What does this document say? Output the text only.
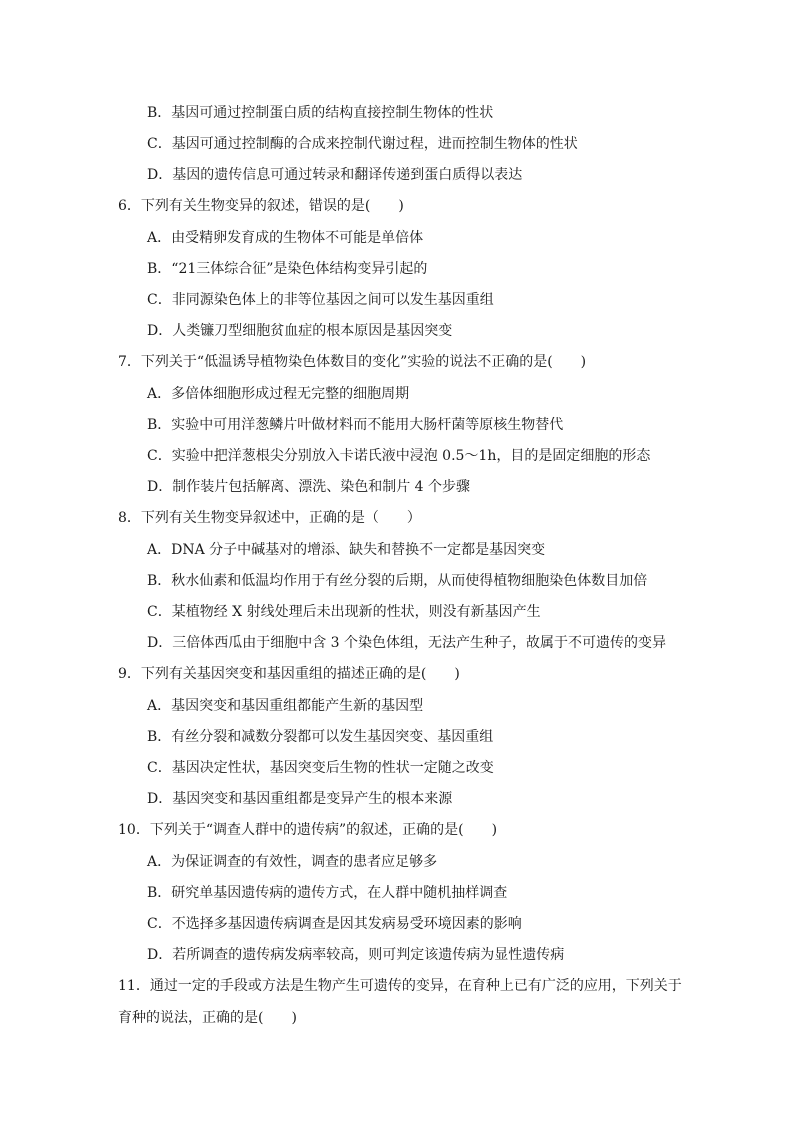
B．基因可通过控制蛋白质的结构直接控制生物体的性状
C．基因可通过控制酶的合成来控制代谢过程，进而控制生物体的性状
D．基因的遗传信息可通过转录和翻译传递到蛋白质得以表达
6．下列有关生物变异的叙述，错误的是(　　)
A．由受精卵发育成的生物体不可能是单倍体
B．“21三体综合征”是染色体结构变异引起的
C．非同源染色体上的非等位基因之间可以发生基因重组
D．人类镰刀型细胞贫血症的根本原因是基因突变
7．下列关于“低温诱导植物染色体数目的变化”实验的说法不正确的是(　　)
A．多倍体细胞形成过程无完整的细胞周期
B．实验中可用洋葱鳞片叶做材料而不能用大肠杆菌等原核生物替代
C．实验中把洋葱根尖分别放入卡诺氏液中浸泡 0.5～1h，目的是固定细胞的形态
D．制作装片包括解离、漂洗、染色和制片 4 个步骤
8．下列有关生物变异叙述中，正确的是（　　）
A．DNA 分子中碱基对的增添、缺失和替换不一定都是基因突变
B．秋水仙素和低温均作用于有丝分裂的后期，从而使得植物细胞染色体数目加倍
C．某植物经 X 射线处理后未出现新的性状，则没有新基因产生
D．三倍体西瓜由于细胞中含 3 个染色体组，无法产生种子，故属于不可遗传的变异
9．下列有关基因突变和基因重组的描述正确的是(　　)
A．基因突变和基因重组都能产生新的基因型
B．有丝分裂和减数分裂都可以发生基因突变、基因重组
C．基因决定性状，基因突变后生物的性状一定随之改变
D．基因突变和基因重组都是变异产生的根本来源
10．下列关于“调查人群中的遗传病”的叙述，正确的是(　　)
A．为保证调查的有效性，调查的患者应足够多
B．研究单基因遗传病的遗传方式，在人群中随机抽样调查
C．不选择多基因遗传病调查是因其发病易受环境因素的影响
D．若所调查的遗传病发病率较高，则可判定该遗传病为显性遗传病
11．通过一定的手段或方法是生物产生可遗传的变异，在育种上已有广泛的应用，下列关于
育种的说法，正确的是(　　)
